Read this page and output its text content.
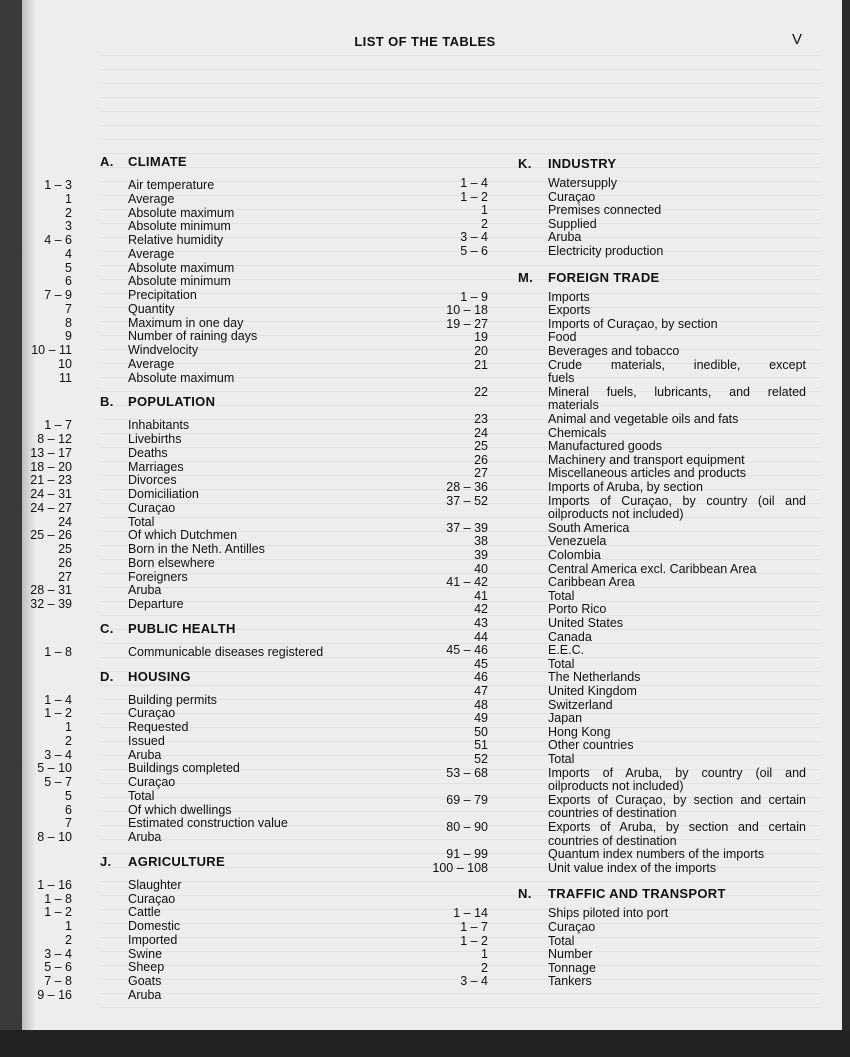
LIST OF THE TABLES	V
A. CLIMATE
1 – 3	Air temperature
1	Average
2	Absolute maximum
3	Absolute minimum
4 – 6	Relative humidity
4	Average
5	Absolute maximum
6	Absolute minimum
7 – 9	Precipitation
7	Quantity
8	Maximum in one day
9	Number of raining days
10 – 11	Windvelocity
10	Average
11	Absolute maximum
B. POPULATION
1 – 7	Inhabitants
8 – 12	Livebirths
13 – 17	Deaths
18 – 20	Marriages
21 – 23	Divorces
24 – 31	Domiciliation
24 – 27	Curaçao
24	Total
25 – 26	Of which Dutchmen
25	Born in the Neth. Antilles
26	Born elsewhere
27	Foreigners
28 – 31	Aruba
32 – 39	Departure
C. PUBLIC HEALTH
1 – 8	Communicable diseases registered
D. HOUSING
1 – 4	Building permits
1 – 2	Curaçao
1	Requested
2	Issued
3 – 4	Aruba
5 – 10	Buildings completed
5 – 7	Curaçao
5	Total
6	Of which dwellings
7	Estimated construction value
8 – 10	Aruba
J. AGRICULTURE
1 – 16	Slaughter
1 – 8	Curaçao
1 – 2	Cattle
1	Domestic
2	Imported
3 – 4	Swine
5 – 6	Sheep
7 – 8	Goats
9 – 16	Aruba
K. INDUSTRY
1 – 4	Watersupply
1 – 2	Curaçao
1	Premises connected
2	Supplied
3 – 4	Aruba
5 – 6	Electricity production
M. FOREIGN TRADE
1 – 9	Imports
10 – 18	Exports
19 – 27	Imports of Curaçao, by section
19	Food
20	Beverages and tobacco
21	Crude materials, inedible, except
fuels
22	Mineral fuels, lubricants, and related
materials
23	Animal and vegetable oils and fats
24	Chemicals
25	Manufactured goods
26	Machinery and transport equipment
27	Miscellaneous articles and products
28 – 36	Imports of Aruba, by section
37 – 52	Imports of Curaçao, by country (oil and
oilproducts not included)
37 – 39	South America
38	Venezuela
39	Colombia
40	Central America excl. Caribbean Area
41 – 42	Caribbean Area
41	Total
42	Porto Rico
43	United States
44	Canada
45 – 46	E.E.C.
45	Total
46	The Netherlands
47	United Kingdom
48	Switzerland
49	Japan
50	Hong Kong
51	Other countries
52	Total
53 – 68	Imports of Aruba, by country (oil and
oilproducts not included)
69 – 79	Exports of Curaçao, by section and certain
countries of destination
80 – 90	Exports of Aruba, by section and certain
countries of destination
91 – 99	Quantum index numbers of the imports
100 – 108	Unit value index of the imports
N. TRAFFIC AND TRANSPORT
1 – 14	Ships piloted into port
1 – 7	Curaçao
1 – 2	Total
1	Number
2	Tonnage
3 – 4	Tankers
